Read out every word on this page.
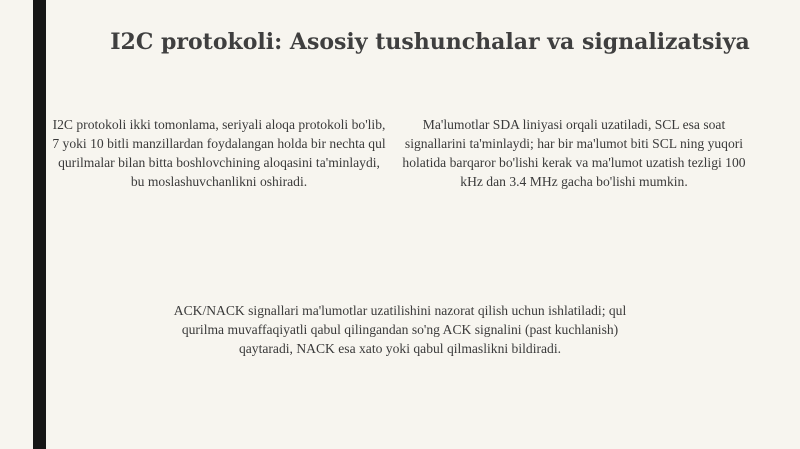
I2C protokoli: Asosiy tushunchalar va signalizatsiya

I2C protokoli ikki tomonlama, seriyali aloqa protokoli bo'lib, 7 yoki 10 bitli manzillardan foydalangan holda bir nechta qul qurilmalar bilan bitta boshlovchining aloqasini ta'minlaydi, bu moslashuvchanlikni oshiradi.

Ma'lumotlar SDA liniyasi orqali uzatiladi, SCL esa soat signallarini ta'minlaydi; har bir ma'lumot biti SCL ning yuqori holatida barqaror bo'lishi kerak va ma'lumot uzatish tezligi 100 kHz dan 3.4 MHz gacha bo'lishi mumkin.

ACK/NACK signallari ma'lumotlar uzatilishini nazorat qilish uchun ishlatiladi; qul qurilma muvaffaqiyatli qabul qilingandan so'ng ACK signalini (past kuchlanish) qaytaradi, NACK esa xato yoki qabul qilmaslikni bildiradi.
